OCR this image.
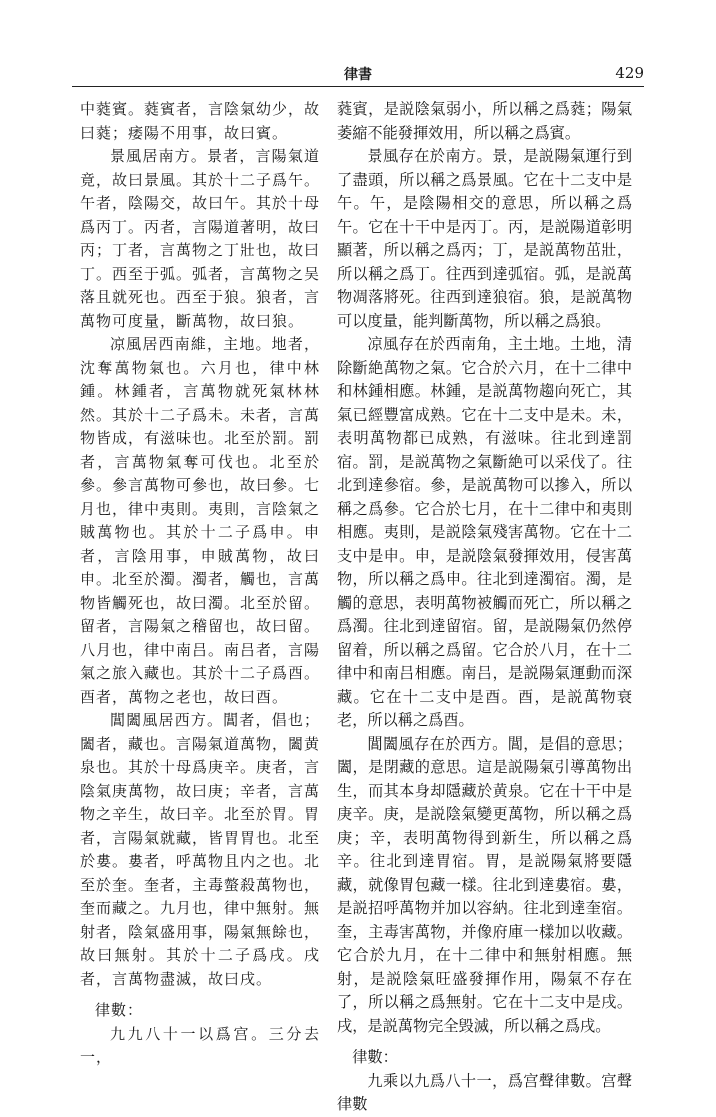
律書	429

中蕤賓。蕤賓者，言陰氣幼少，故曰蕤；痿陽不用事，故曰賓。

景風居南方。景者，言陽氣道竟，故曰景風。其於十二子爲午。午者，陰陽交，故曰午。其於十母爲丙丁。丙者，言陽道著明，故曰丙；丁者，言萬物之丁壯也，故曰丁。西至于弧。弧者，言萬物之吴落且就死也。西至于狼。狼者，言萬物可度量，斷萬物，故曰狼。

凉風居西南維，主地。地者，沈奪萬物氣也。六月也，律中林鍾。林鍾者，言萬物就死氣林林然。其於十二子爲未。未者，言萬物皆成，有滋味也。北至於罰。罰者，言萬物氣奪可伐也。北至於參。參言萬物可參也，故曰參。七月也，律中夷則。夷則，言陰氣之賊萬物也。其於十二子爲申。申者，言陰用事，申賊萬物，故曰申。北至於濁。濁者，觸也，言萬物皆觸死也，故曰濁。北至於留。留者，言陽氣之稽留也，故曰留。八月也，律中南吕。南吕者，言陽氣之旅入藏也。其於十二子爲酉。酉者，萬物之老也，故曰酉。

閶闔風居西方。閶者，倡也；闔者，藏也。言陽氣道萬物，闔黄泉也。其於十母爲庚辛。庚者，言陰氣庚萬物，故曰庚；辛者，言萬物之辛生，故曰辛。北至於胃。胃者，言陽氣就藏，皆胃胃也。北至於婁。婁者，呼萬物且内之也。北至於奎。奎者，主毒螫殺萬物也，奎而藏之。九月也，律中無射。無射者，陰氣盛用事，陽氣無餘也，故曰無射。其於十二子爲戌。戌者，言萬物盡滅，故曰戌。

律數：

九九八十一以爲宫。三分去一，

蕤賓，是説陰氣弱小，所以稱之爲蕤；陽氣萎縮不能發揮效用，所以稱之爲賓。

景風存在於南方。景，是説陽氣運行到了盡頭，所以稱之爲景風。它在十二支中是午。午，是陰陽相交的意思，所以稱之爲午。它在十干中是丙丁。丙，是説陽道彰明顯著，所以稱之爲丙；丁，是説萬物茁壯，所以稱之爲丁。往西到達弧宿。弧，是説萬物凋落將死。往西到達狼宿。狼，是説萬物可以度量，能判斷萬物，所以稱之爲狼。

凉風存在於西南角，主土地。土地，清除斷絶萬物之氣。它合於六月，在十二律中和林鍾相應。林鍾，是説萬物趨向死亡，其氣已經豐富成熟。它在十二支中是未。未，表明萬物都已成熟，有滋味。往北到達罰宿。罰，是説萬物之氣斷絶可以采伐了。往北到達參宿。參，是説萬物可以摻入，所以稱之爲參。它合於七月，在十二律中和夷則相應。夷則，是説陰氣殘害萬物。它在十二支中是申。申，是説陰氣發揮效用，侵害萬物，所以稱之爲申。往北到達濁宿。濁，是觸的意思，表明萬物被觸而死亡，所以稱之爲濁。往北到達留宿。留，是説陽氣仍然停留着，所以稱之爲留。它合於八月，在十二律中和南吕相應。南吕，是説陽氣運動而深藏。它在十二支中是酉。酉，是説萬物衰老，所以稱之爲酉。

閶闔風存在於西方。閶，是倡的意思；闔，是閉藏的意思。這是説陽氣引導萬物出生，而其本身却隱藏於黄泉。它在十干中是庚辛。庚，是説陰氣變更萬物，所以稱之爲庚；辛，表明萬物得到新生，所以稱之爲辛。往北到達胃宿。胃，是説陽氣將要隱藏，就像胃包藏一樣。往北到達婁宿。婁，是説招呼萬物并加以容納。往北到達奎宿。奎，主毒害萬物，并像府庫一樣加以收藏。它合於九月，在十二律中和無射相應。無射，是説陰氣旺盛發揮作用，陽氣不存在了，所以稱之爲無射。它在十二支中是戌。戌，是説萬物完全毁滅，所以稱之爲戌。

律數：

九乘以九爲八十一，爲宫聲律數。宫聲律數
